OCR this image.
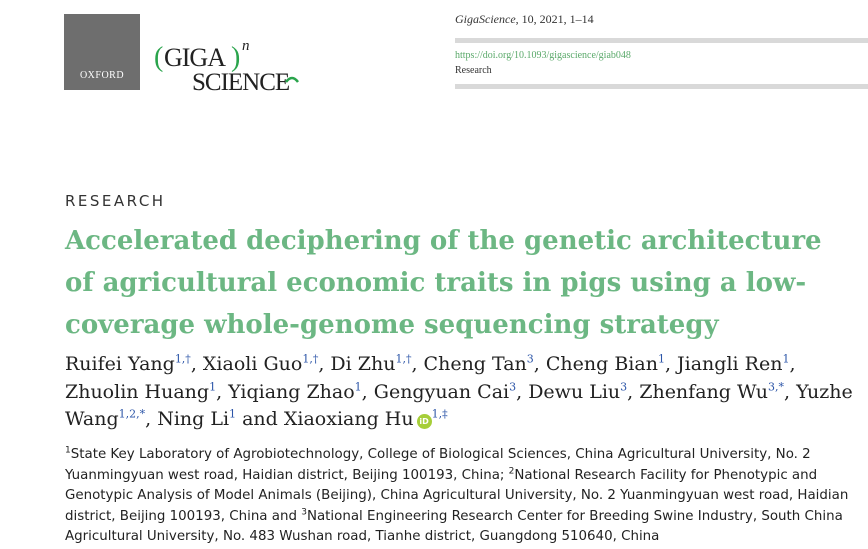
OXFORD
( GIGA ) n
SCIENCE
GigaScience, 10, 2021, 1–14
https://doi.org/10.1093/gigascience/giab048
Research
RESEARCH
Accelerated deciphering of the genetic architecture of agricultural economic traits in pigs using a low-coverage whole-genome sequencing strategy
Ruifei Yang$^{1,\dagger}$, Xiaoli Guo$^{1,\dagger}$, Di Zhu$^{1,\dagger}$, Cheng Tan$^3$, Cheng Bian$^1$, Jiangli Ren$^1$, Zhuolin Huang$^1$, Yiqiang Zhao$^1$, Gengyuan Cai$^3$, Dewu Liu$^3$, Zhenfang $Wu^{3,*}$, Yuzhe Wang$^{1,2,*}$, Ning Li$^1$ and Xiaoxiang Hu $iD^{1,\ddagger}$
$^1$State Key Laboratory of Agrobiotechnology, College of Biological Sciences, China Agricultural University, No. 2 Yuanmingyuan west road, Haidian district, Beijing 100193, China; $^2$National Research Facility for Phenotypic and Genotypic Analysis of Model Animals (Beijing), China Agricultural University, No. 2 Yuanmingyuan west road, Haidian district, Beijing 100193, China and $^3$National Engineering Research Center for Breeding Swine Industry, South China Agricultural University, No. 483 Wushan road, Tianhe district, Guangdong 510640, China
